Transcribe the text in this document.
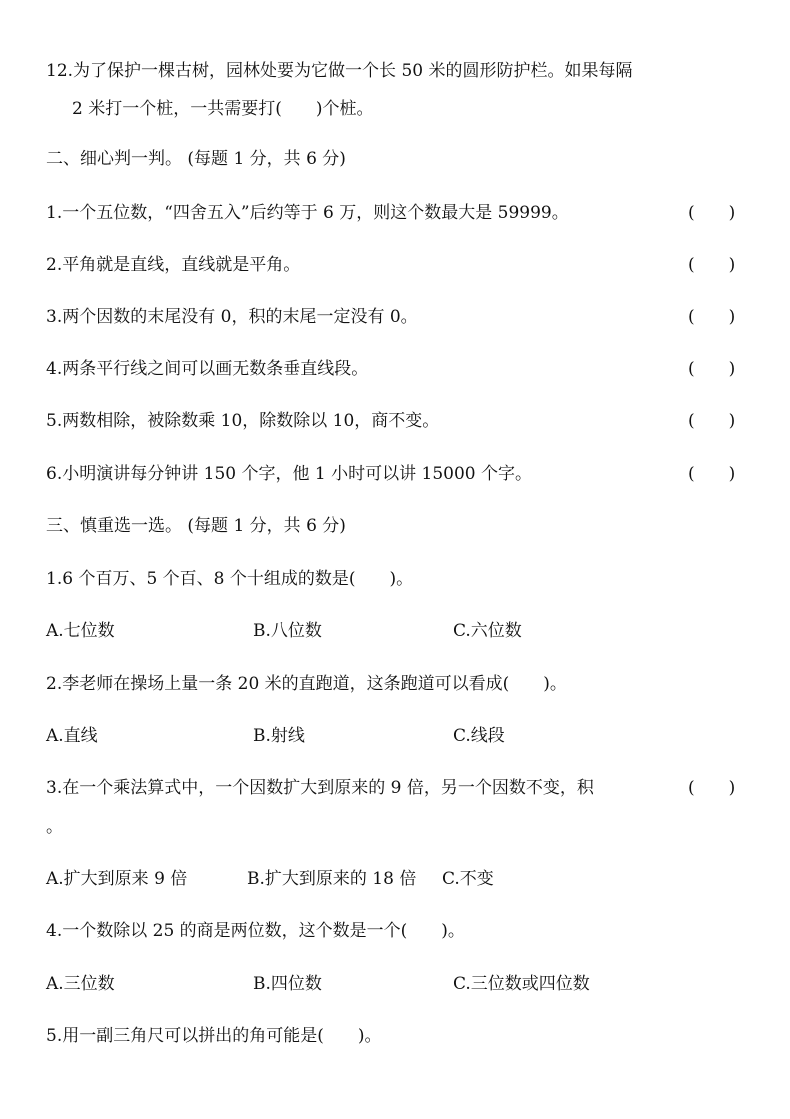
12.为了保护一棵古树，园林处要为它做一个长 50 米的圆形防护栏。如果每隔
2 米打一个桩，一共需要打(　　)个桩。
二、细心判一判。 (每题 1 分，共 6 分)
1.一个五位数，“四舍五入”后约等于 6 万，则这个数最大是 59999。	(　　)
2.平角就是直线，直线就是平角。	(　　)
3.两个因数的末尾没有 0，积的末尾一定没有 0。	(　　)
4.两条平行线之间可以画无数条垂直线段。	(　　)
5.两数相除，被除数乘 10，除数除以 10，商不变。	(　　)
6.小明演讲每分钟讲 150 个字，他 1 小时可以讲 15000 个字。	(　　)
三、慎重选一选。 (每题 1 分，共 6 分)
1.6 个百万、5 个百、8 个十组成的数是(　　)。
A.七位数	B.八位数	C.六位数
2.李老师在操场上量一条 20 米的直跑道，这条跑道可以看成(　　)。
A.直线	B.射线	C.线段
3.在一个乘法算式中，一个因数扩大到原来的 9 倍，另一个因数不变，积	(　　)
。
A.扩大到原来 9 倍	B.扩大到原来的 18 倍 C.不变
4.一个数除以 25 的商是两位数，这个数是一个(　　)。
A.三位数	B.四位数	C.三位数或四位数
5.用一副三角尺可以拼出的角可能是(　　)。
